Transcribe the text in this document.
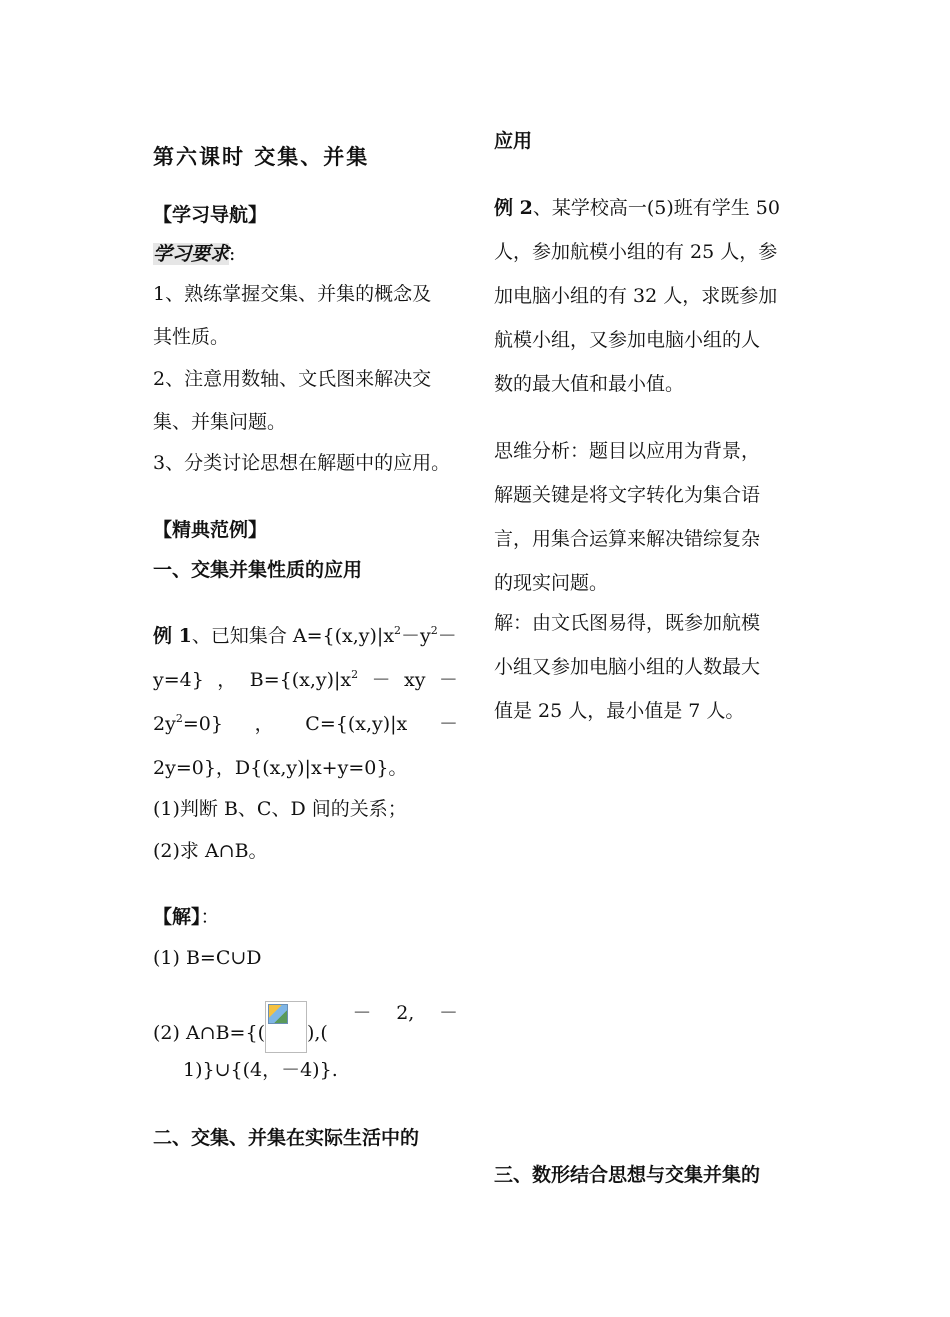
第六课时 交集、并集
【学习导航】
学习要求:
1、熟练掌握交集、并集的概念及
其性质。
2、注意用数轴、文氏图来解决交
集、并集问题。
3、分类讨论思想在解题中的应用。
【精典范例】
一、交集并集性质的应用
例 1、已知集合 $A=\{(x,y)|x^2-y^2-$
y=4} ， $B=\{(x,y)|x^2$ － xy －
$2y^2=0$} ， C={(x,y)|x －
2y=0}，D{(x,y)|x+y=0}。
(1)判断 B、C、D 间的关系；
(2)求 A∩B。
【解】：
(1) B=C∪D
(2) A∩B={( ),(
－ 2, －
1)}∪{(4，－4)}.
二、交集、并集在实际生活中的
应用
例 2、某学校高一(5)班有学生 50
人，参加航模小组的有 25 人，参
加电脑小组的有 32 人，求既参加
航模小组，又参加电脑小组的人
数的最大值和最小值。
思维分析：题目以应用为背景，
解题关键是将文字转化为集合语
言，用集合运算来解决错综复杂
的现实问题。
解：由文氏图易得，既参加航模
小组又参加电脑小组的人数最大
值是 25 人，最小值是 7 人。
三、数形结合思想与交集并集的
